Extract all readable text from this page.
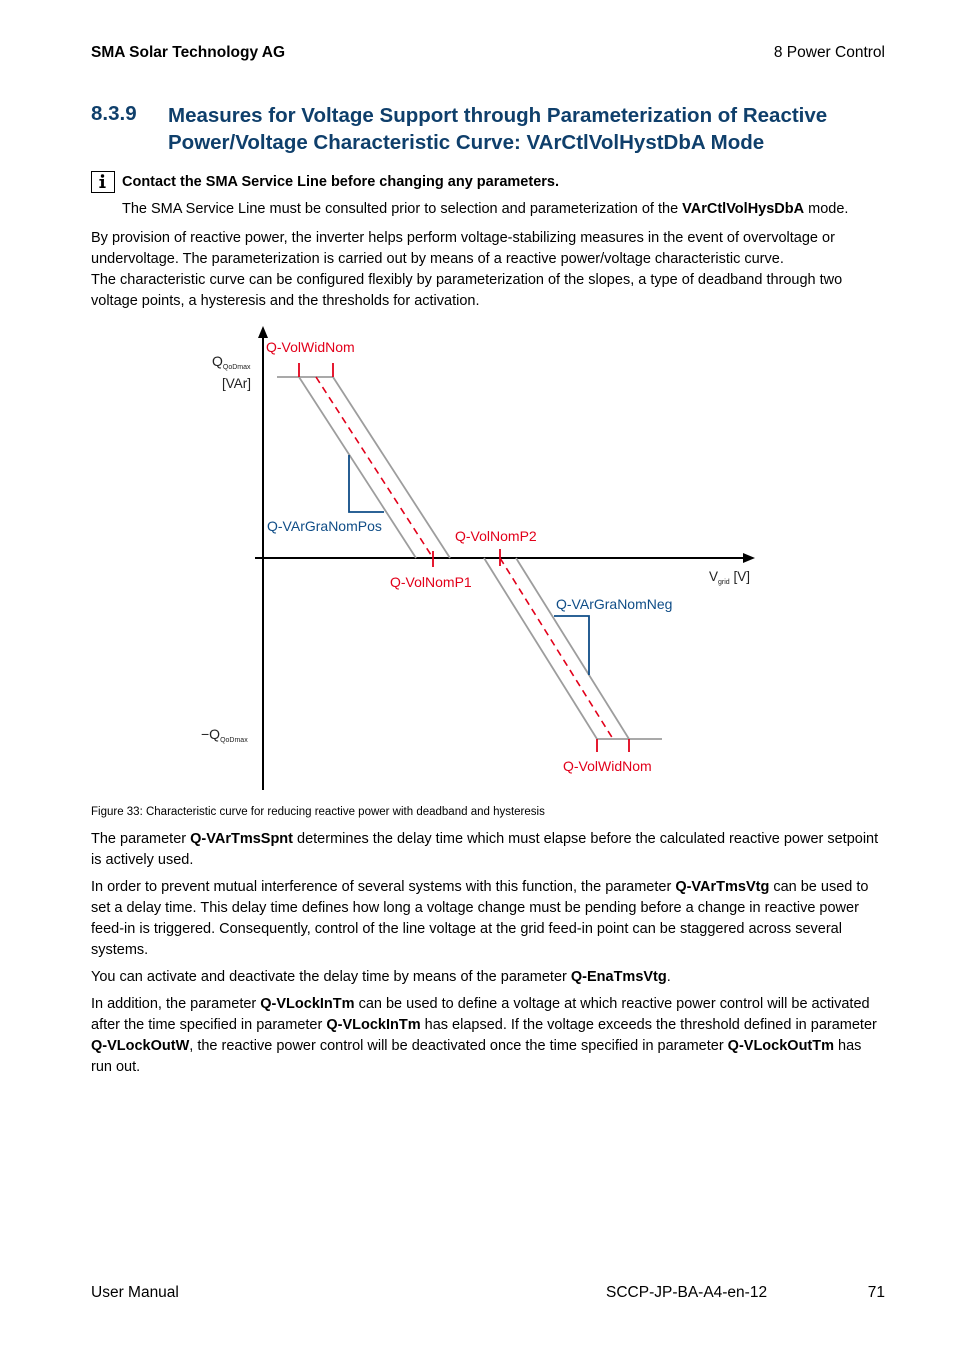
SMA Solar Technology AG	8 Power Control
8.3.9 Measures for Voltage Support through Parameterization of Reactive Power/Voltage Characteristic Curve: VArCtlVolHystDbA Mode
Contact the SMA Service Line before changing any parameters.
The SMA Service Line must be consulted prior to selection and parameterization of the VArCtlVolHysDbA mode.
By provision of reactive power, the inverter helps perform voltage-stabilizing measures in the event of overvoltage or undervoltage. The parameterization is carried out by means of a reactive power/voltage characteristic curve.
The characteristic curve can be configured flexibly by parameterization of the slopes, a type of deadband through two voltage points, a hysteresis and the thresholds for activation.
$Q_{QoDmax}$
[VAr]
$-Q_{QoDmax}$
$V_{grid}$ [V]
Q-VolWidNom
Q-VArGraNomPos
Q-VolNomP2
Q-VolNomP1
Q-VArGraNomNeg
Q-VolWidNom
Figure 33: Characteristic curve for reducing reactive power with deadband and hysteresis
The parameter Q-VArTmsSpnt determines the delay time which must elapse before the calculated reactive power setpoint is actively used.
In order to prevent mutual interference of several systems with this function, the parameter Q-VArTmsVtg can be used to set a delay time. This delay time defines how long a voltage change must be pending before a change in reactive power feed-in is triggered. Consequently, control of the line voltage at the grid feed-in point can be staggered across several systems.
You can activate and deactivate the delay time by means of the parameter Q-EnaTmsVtg.
In addition, the parameter Q-VLockInTm can be used to define a voltage at which reactive power control will be activated after the time specified in parameter Q-VLockInTm has elapsed. If the voltage exceeds the threshold defined in parameter Q-VLockOutW, the reactive power control will be deactivated once the time specified in parameter Q-VLockOutTm has run out.
User Manual	SCCP-JP-BA-A4-en-12	71
